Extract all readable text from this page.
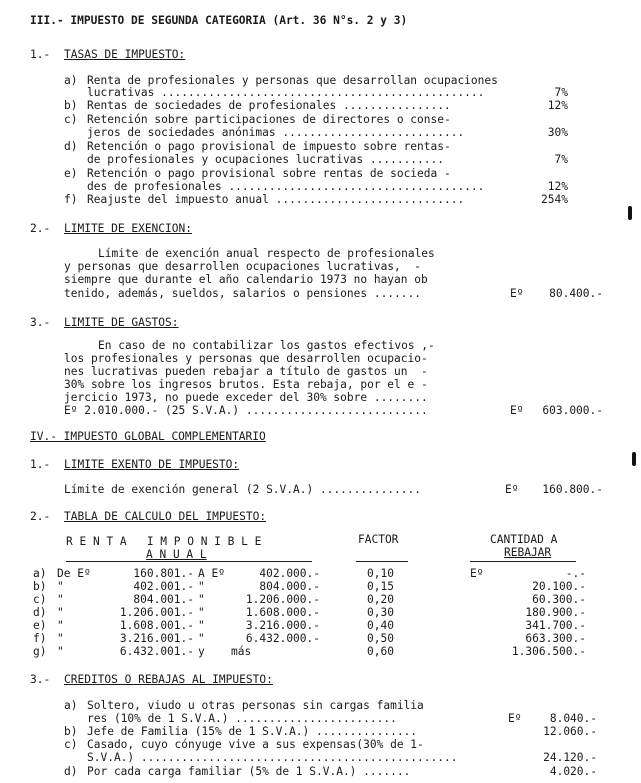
III.- IMPUESTO DE SEGUNDA CATEGORIA (Art. 36 N°s. 2 y 3)
1.- TASAS DE IMPUESTO:
a) Renta de profesionales y personas que desarrollan ocupaciones
lucrativas ................................................	7%
b) Rentas de sociedades de profesionales ................	12%
c) Retención sobre participaciones de directores o conse-
jeros de sociedades anónimas ...........................	30%
d) Retención o pago provisional de impuesto sobre rentas-
de profesionales y ocupaciones lucrativas ...........	7%
e) Retención o pago provisional sobre rentas de socieda -
des de profesionales ......................................	12%
f) Reajuste del impuesto anual ............................	254%
2.- LIMITE DE EXENCION:
Límite de exención anual respecto de profesionales
y personas que desarrollen ocupaciones lucrativas,  -
siempre que durante el año calendario 1973 no hayan ob
tenido, además, sueldos, salarios o pensiones .......	Eº 80.400.-
3.- LIMITE DE GASTOS:
En caso de no contabilizar los gastos efectivos ,-
los profesionales y personas que desarrollen ocupacio-
nes lucrativas pueden rebajar a título de gastos un  -
30% sobre los ingresos brutos. Esta rebaja, por el e -
jercicio 1973, no puede exceder del 30% sobre ........
Eº 2.010.000.- (25 S.V.A.) ...........................	Eº 603.000.-
IV.- IMPUESTO GLOBAL COMPLEMENTARIO
1.- LIMITE EXENTO DE IMPUESTO:
Límite de exención general (2 S.V.A.) ...............	Eº 160.800.-
2.- TABLA DE CALCULO DEL IMPUESTO:
R E N T A   I M P O N I B L E
A N U A L
FACTOR	CANTIDAD A
REBAJAR
a) De Eº	160.801.- A Eº	402.000.-	0,10	Eº	-.-
b) "	402.001.- "	804.000.-	0,15	20.100.-
c) "	804.001.- "	1.206.000.-	0,20	60.300.-
d) "	1.206.001.- "	1.608.000.-	0,30	180.900.-
e) "	1.608.001.- "	3.216.000.-	0,40	341.700.-
f) "	3.216.001.- "	6.432.000.-	0,50	663.300.-
g) "	6.432.001.- y más	0,60	1.306.500.-
3.- CREDITOS O REBAJAS AL IMPUESTO:
a) Soltero, viudo u otras personas sin cargas familia
res (10% de 1 S.V.A.) ........................	Eº	8.040.-
b) Jefe de Familia (15% de 1 S.V.A.) ...............	12.060.-
c) Casado, cuyo cónyuge vive a sus expensas(30% de 1-
S.V.A.) ...............................................	24.120.-
d) Por cada carga familiar (5% de 1 S.V.A.) .......	4.020.-
